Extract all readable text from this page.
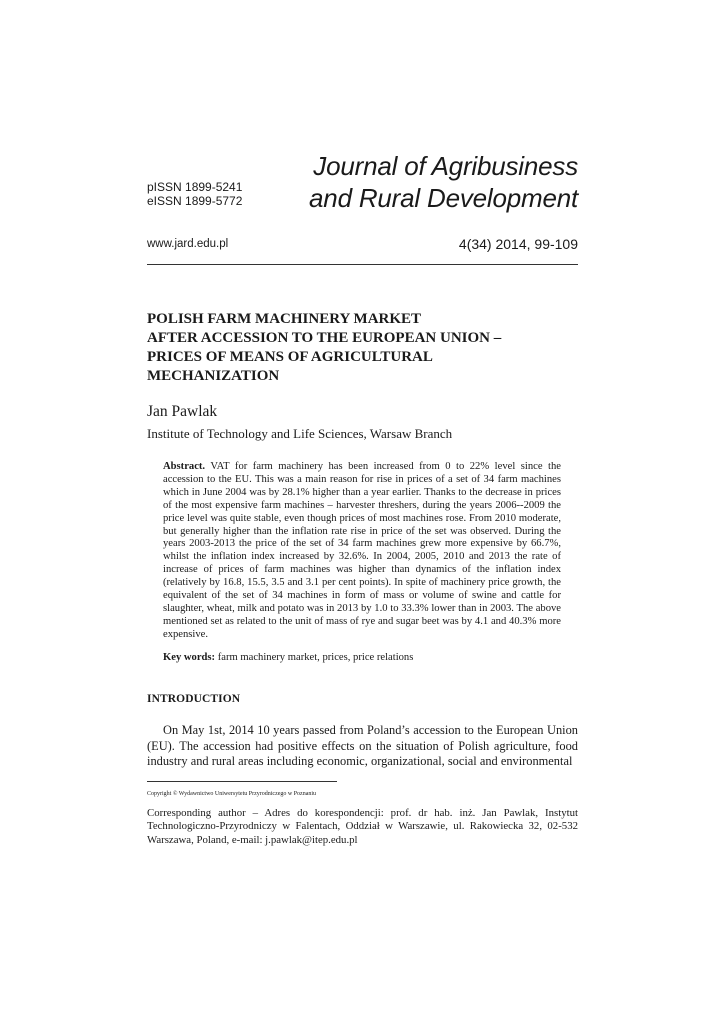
pISSN 1899-5241
eISSN 1899-5772
Journal of Agribusiness
and Rural Development
www.jard.edu.pl	4(34) 2014, 99-109
POLISH FARM MACHINERY MARKET
AFTER ACCESSION TO THE EUROPEAN UNION –
PRICES OF MEANS OF AGRICULTURAL
MECHANIZATION
Jan Pawlak
Institute of Technology and Life Sciences, Warsaw Branch

Abstract. VAT for farm machinery has been increased from 0 to 22% level since the accession to the EU. This was a main reason for rise in prices of a set of 34 farm machines which in June 2004 was by 28.1% higher than a year earlier. Thanks to the decrease in prices of the most expensive farm machines – harvester threshers, during the years 2006--2009 the price level was quite stable, even though prices of most machines rose. From 2010 moderate, but generally higher than the inflation rate rise in price of the set was observed. During the years 2003-2013 the price of the set of 34 farm machines grew more expensive by 66.7%, whilst the inflation index increased by 32.6%. In 2004, 2005, 2010 and 2013 the rate of increase of prices of farm machines was higher than dynamics of the inflation index (relatively by 16.8, 15.5, 3.5 and 3.1 per cent points). In spite of machinery price growth, the equivalent of the set of 34 machines in form of mass or volume of swine and cattle for slaughter, wheat, milk and potato was in 2013 by 1.0 to 33.3% lower than in 2003. The above mentioned set as related to the unit of mass of rye and sugar beet was by 4.1 and 40.3% more expensive.

Key words: farm machinery market, prices, price relations
INTRODUCTION

On May 1st, 2014 10 years passed from Poland’s accession to the European Union (EU). The accession had positive effects on the situation of Polish agriculture, food industry and rural areas including economic, organizational, social and environmental

Copyright © Wydawnictwo Uniwersytetu Przyrodniczego w Poznaniu

Corresponding author – Adres do korespondencji: prof. dr hab. inż. Jan Pawlak, Instytut Technologiczno-Przyrodniczy w Falentach, Oddział w Warszawie, ul. Rakowiecka 32, 02-532 Warszawa, Poland, e-mail: j.pawlak@itep.edu.pl
